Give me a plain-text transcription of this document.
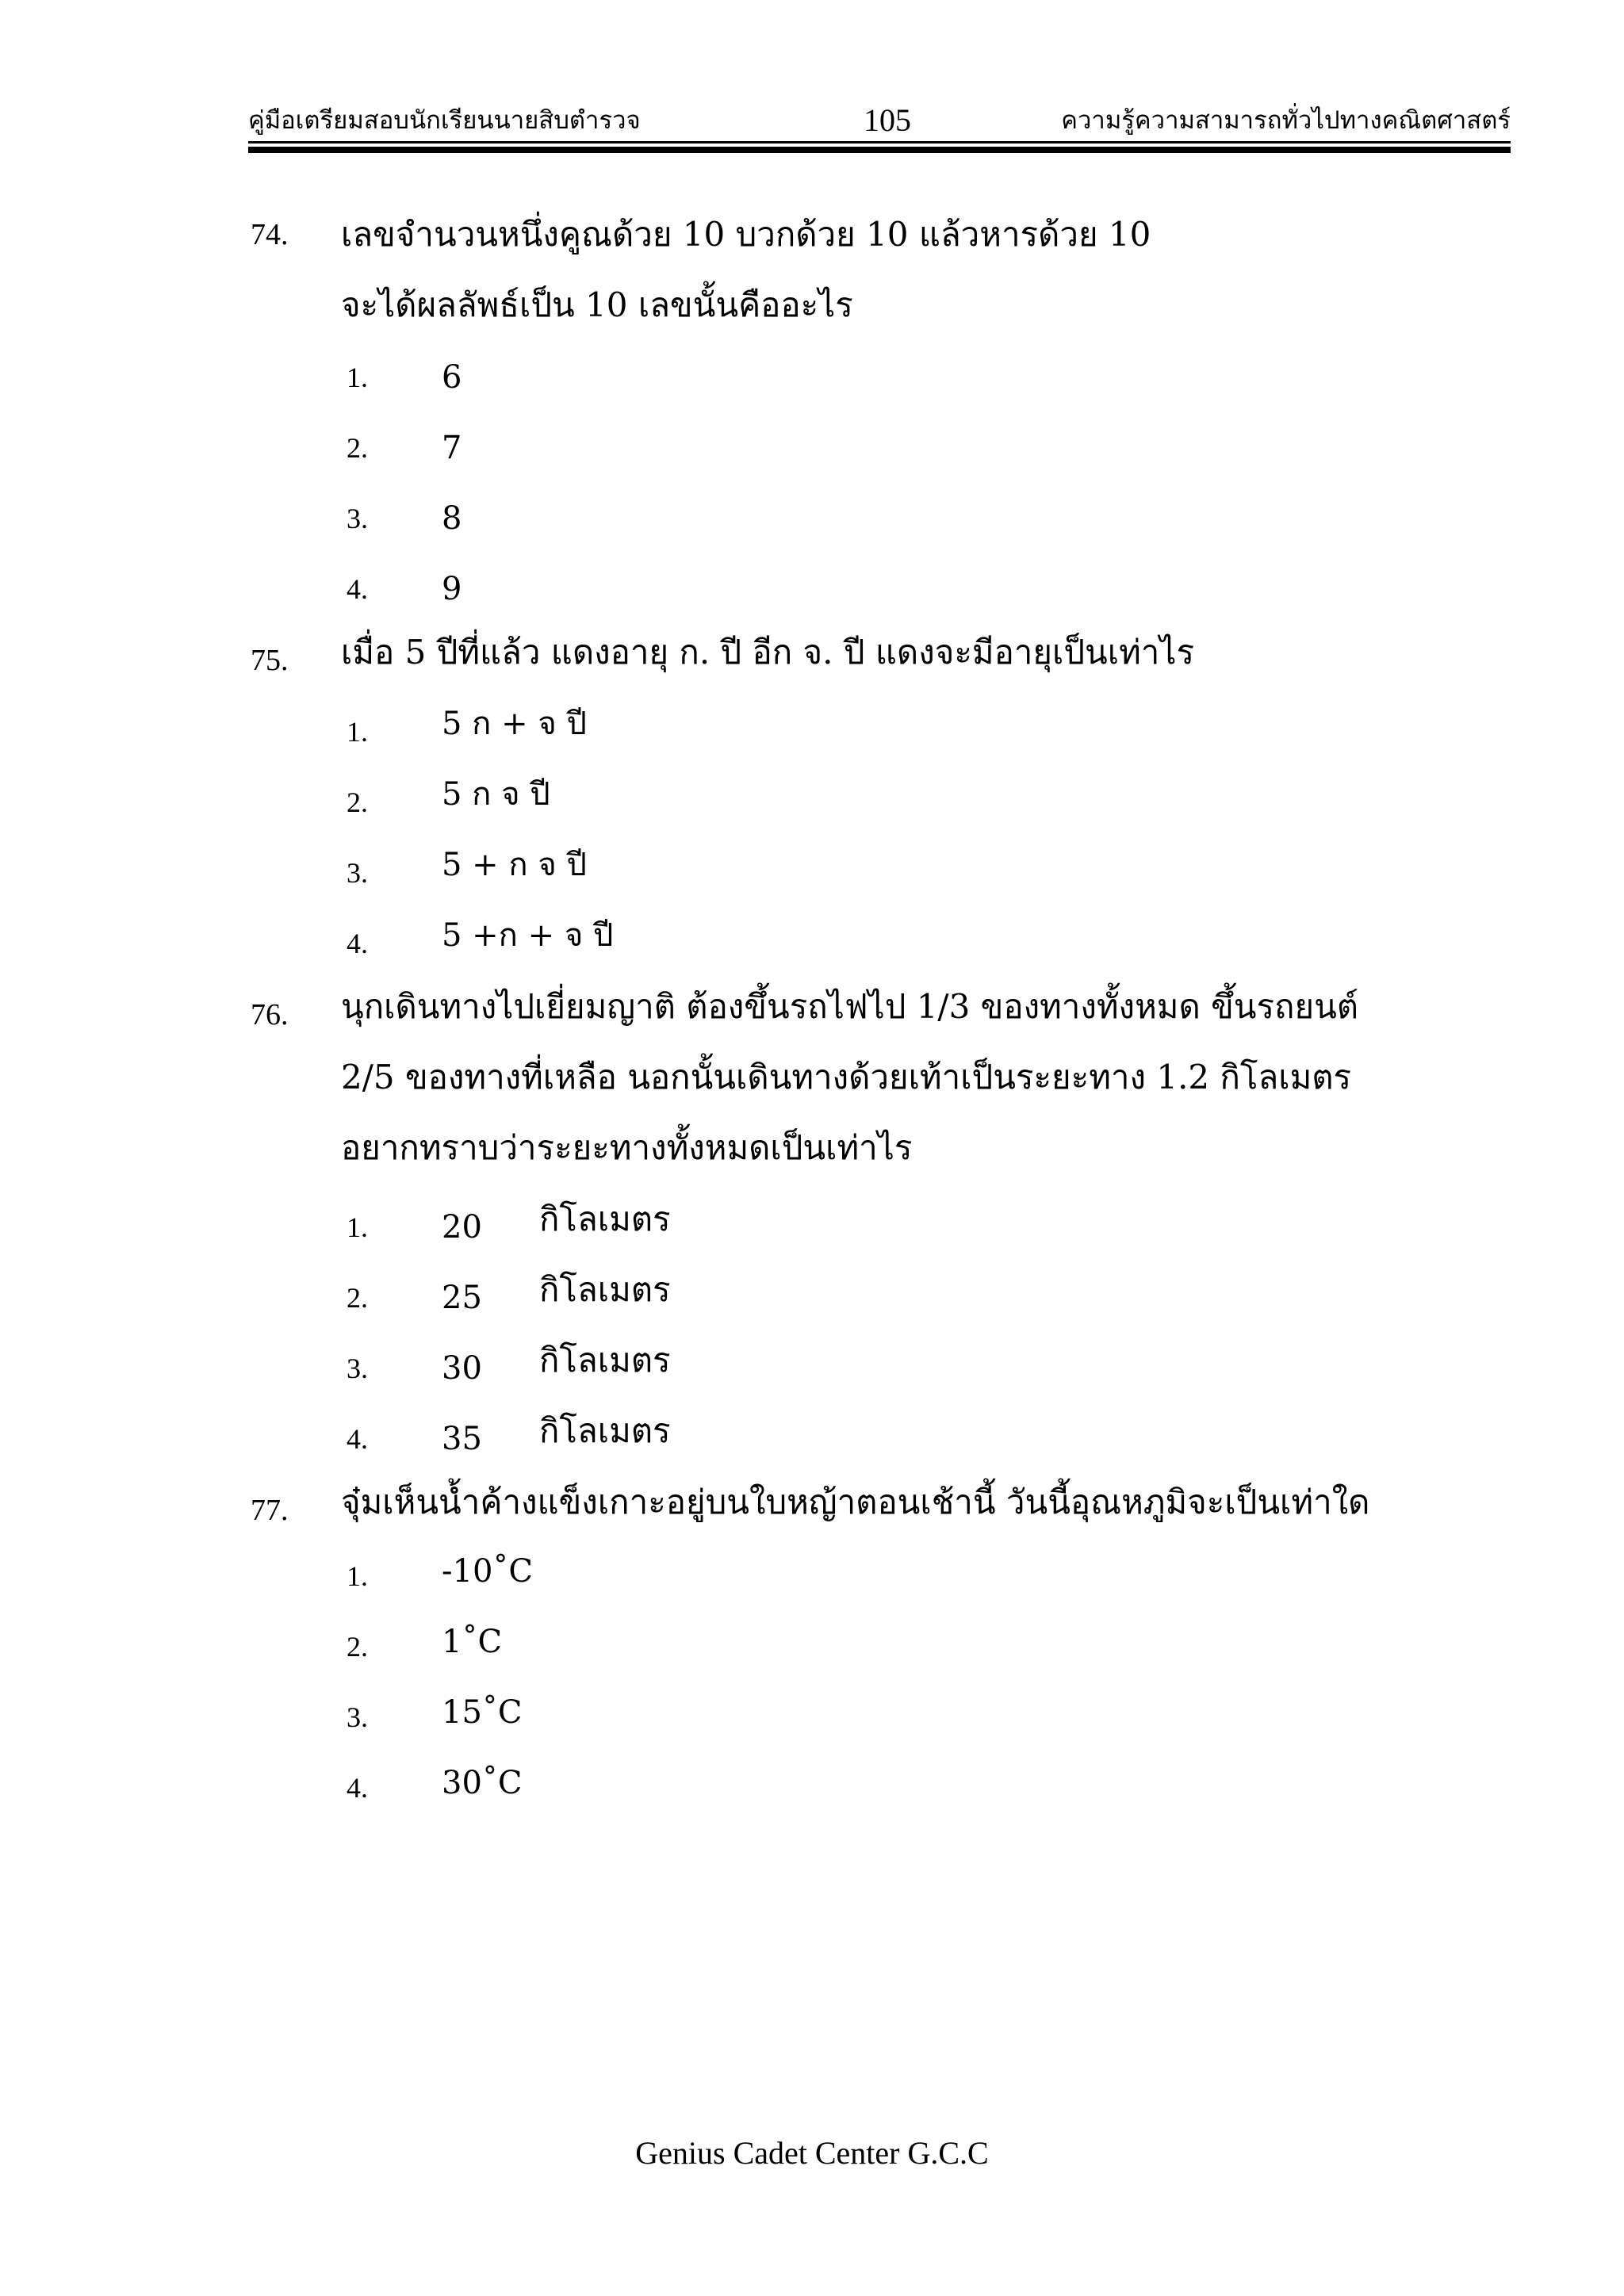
คู่มือเตรียมสอบนักเรียนนายสิบตำรวจ	105	ความรู้ความสามารถทั่วไปทางคณิตศาสตร์
74. เลขจำนวนหนึ่งคูณด้วย 10 บวกด้วย 10 แล้วหารด้วย 10
จะได้ผลลัพธ์เป็น 10 เลขนั้นคืออะไร
1. 6
2. 7
3. 8
4. 9
75. เมื่อ 5 ปีที่แล้ว แดงอายุ ก. ปี อีก จ. ปี แดงจะมีอายุเป็นเท่าไร
1. 5 ก + จ ปี
2. 5 ก จ ปี
3. 5 + ก จ ปี
4. 5 +ก + จ ปี
76. นุกเดินทางไปเยี่ยมญาติ ต้องขึ้นรถไฟไป 1/3 ของทางทั้งหมด ขึ้นรถยนต์
2/5 ของทางที่เหลือ นอกนั้นเดินทางด้วยเท้าเป็นระยะทาง 1.2 กิโลเมตร
อยากทราบว่าระยะทางทั้งหมดเป็นเท่าไร
1. 20 กิโลเมตร
2. 25 กิโลเมตร
3. 30 กิโลเมตร
4. 35 กิโลเมตร
77. จุ๋มเห็นน้ำค้างแข็งเกาะอยู่บนใบหญ้าตอนเช้านี้ วันนี้อุณหภูมิจะเป็นเท่าใด
1. -10˚C
2. 1˚C
3. 15˚C
4. 30˚C
Genius Cadet Center G.C.C
